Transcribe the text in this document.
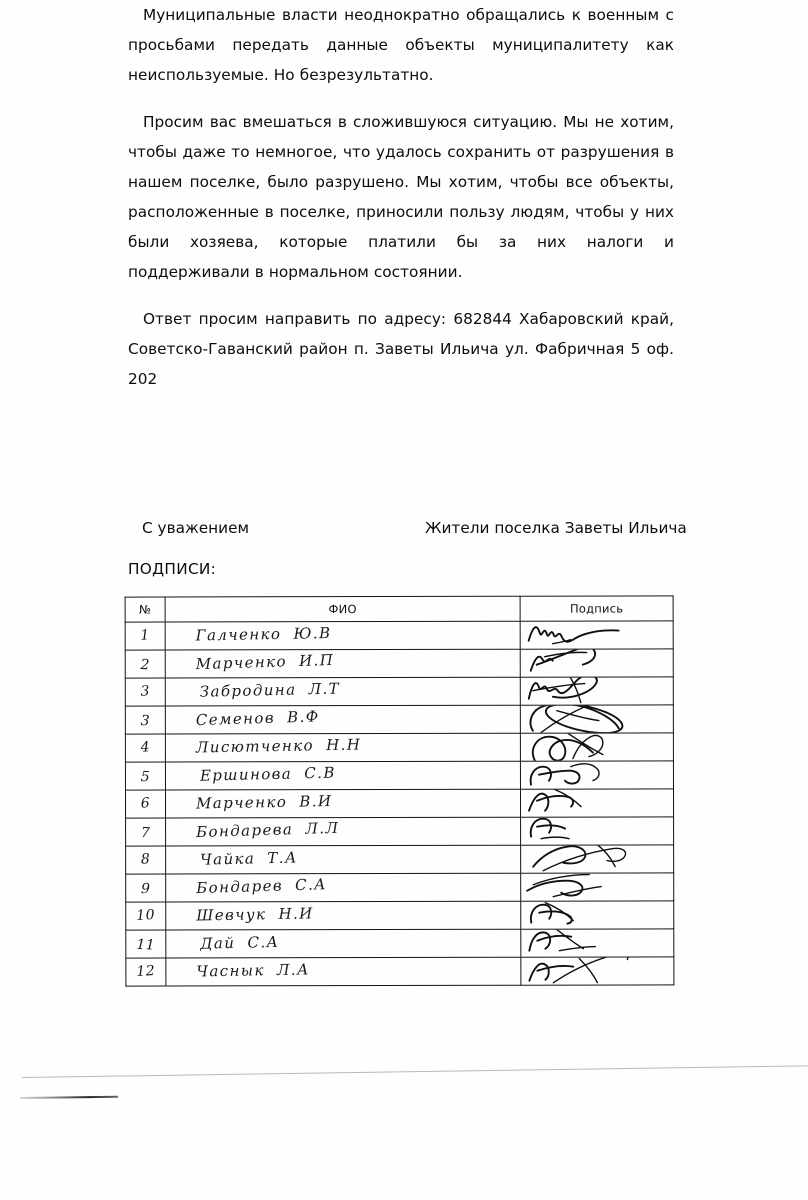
Муниципальные власти неоднократно обращались к военным с просьбами передать данные объекты муниципалитету как неиспользуемые. Но безрезультатно.

Просим вас вмешаться в сложившуюся ситуацию. Мы не хотим, чтобы даже то немногое, что удалось сохранить от разрушения в нашем поселке, было разрушено. Мы хотим, чтобы все объекты, расположенные в поселке, приносили пользу людям, чтобы у них были хозяева, которые платили бы за них налоги и поддерживали в нормальном состоянии.

Ответ просим направить по адресу: 682844 Хабаровский край, Советско-Гаванский район п. Заветы Ильича ул. Фабричная 5 оф. 202

С уважением	Жители поселка Заветы Ильича
ПОДПИСИ:
№	ФИО	Подпись

1	Галченко Ю.В

2	Марченко И.П

3	Забродина Л.Т

3	Семенов В.Ф

4	Лисютченко Н.Н

5	Ершинова С.В

6	Марченко В.И

7	Бондарева Л.Л

8	Чайка Т.А

9	Бондарев С.А

10	Шевчук Н.И

11	Дай С.А

12	Часнык Л.А
